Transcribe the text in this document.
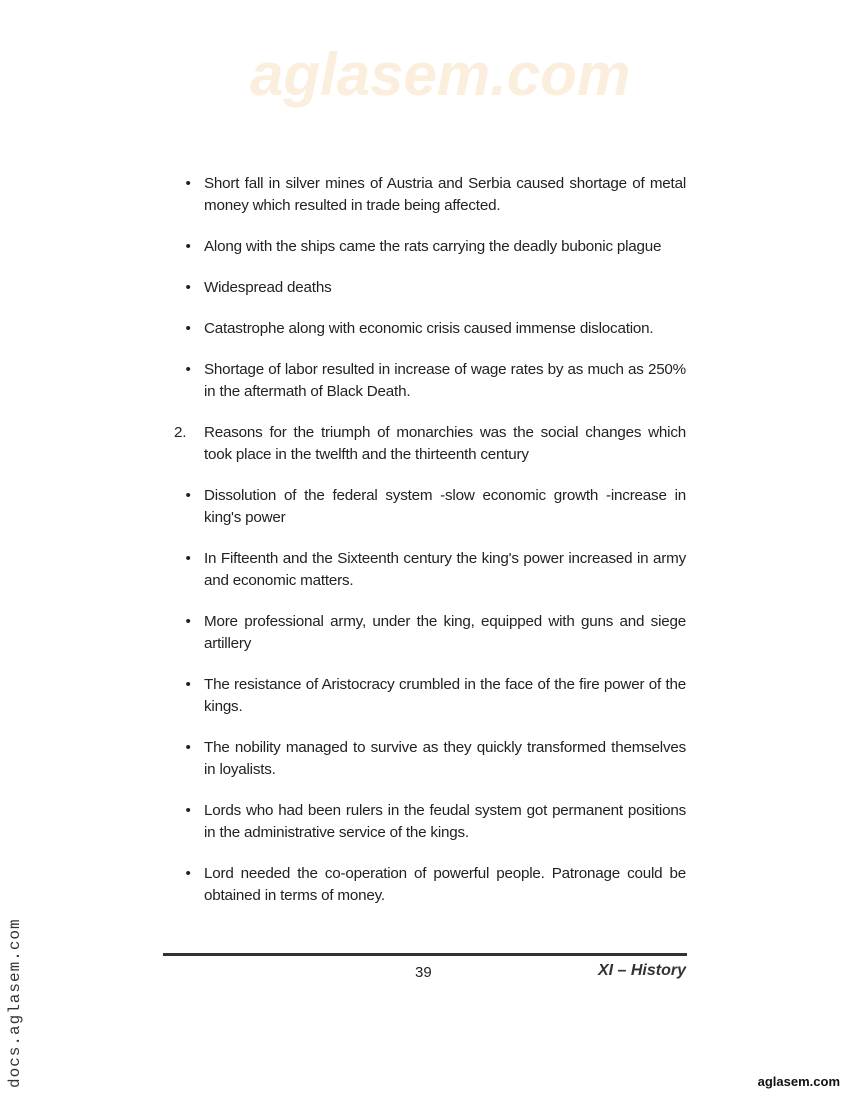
aglasem.com
• Short fall in silver mines of Austria and Serbia caused shortage of metal money which resulted in trade being affected.
• Along with the ships came the rats carrying the deadly bubonic plague
• Widespread deaths
• Catastrophe along with economic crisis caused immense dislocation.
• Shortage of labor resulted in increase of wage rates by as much as 250% in the aftermath of Black Death.
2.	Reasons for the triumph of monarchies was the social changes which took place in the twelfth and the thirteenth century
• Dissolution of the federal system -slow economic growth -increase in king's power
• In Fifteenth and the Sixteenth century the king's power increased in army and economic matters.
• More professional army, under the king, equipped with guns and siege artillery
• The resistance of Aristocracy crumbled in the face of the fire power of the kings.
• The nobility managed to survive as they quickly transformed themselves in loyalists.
• Lords who had been rulers in the feudal system got permanent positions in the administrative service of the kings.
• Lord needed the co-operation of powerful people. Patronage could be obtained in terms of money.
39	XI – History
docs.aglasem.com	aglasem.com
